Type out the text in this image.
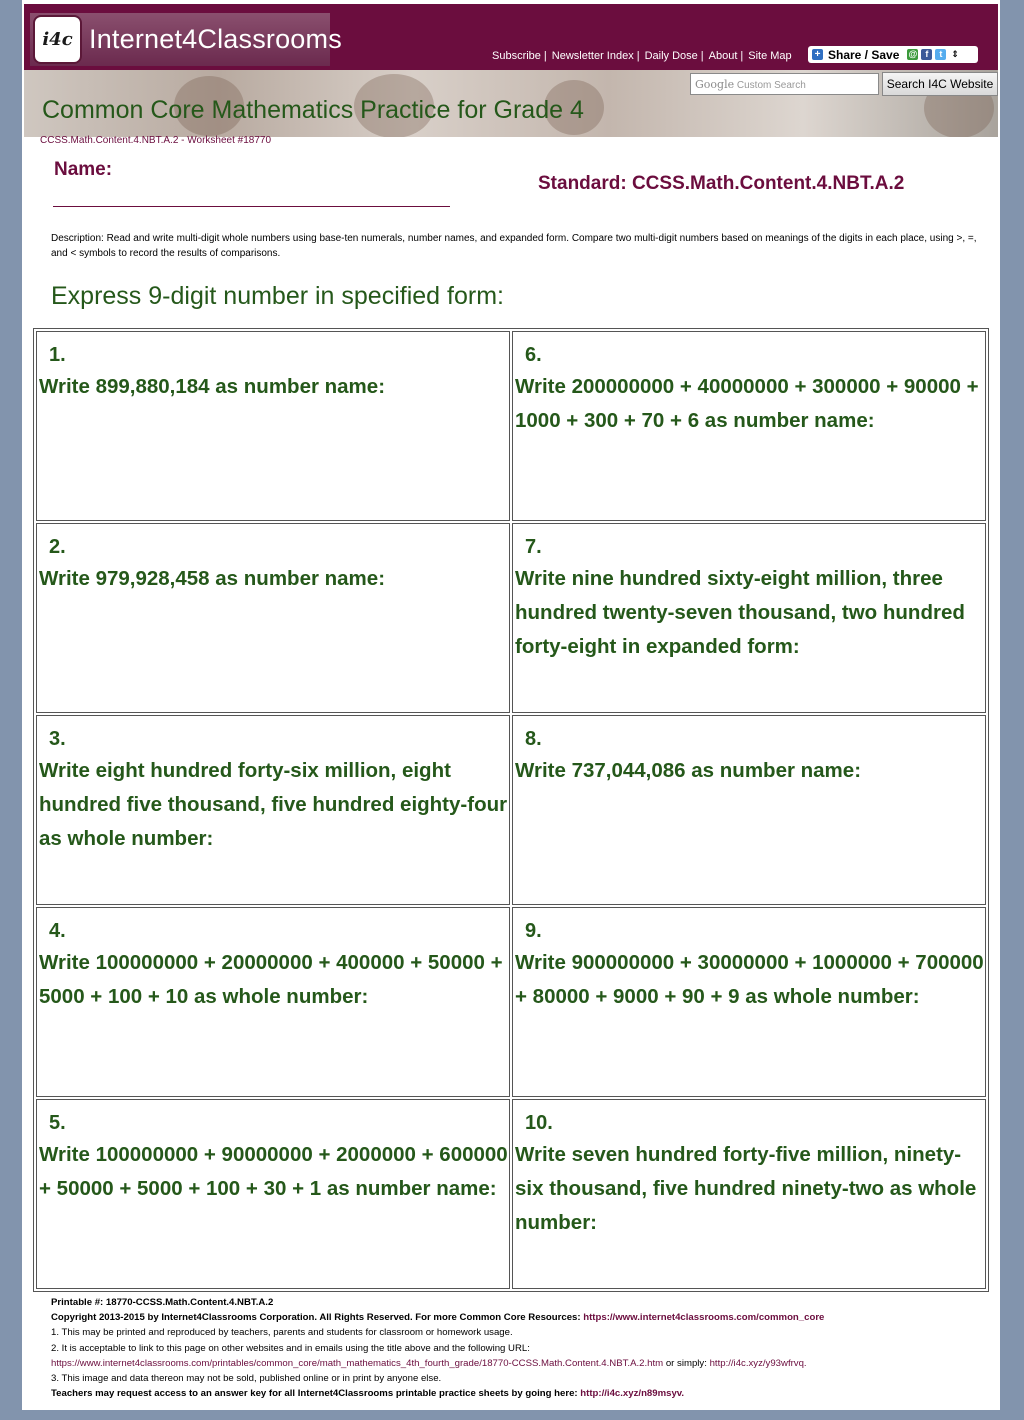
i4c Internet4Classrooms
Subscribe | Newsletter Index | Daily Dose | About | Site Map + Share / Save @ f	t	⇕
Google Custom Search	Search I4C Website
Common Core Mathematics Practice for Grade 4
CCSS.Math.Content.4.NBT.A.2 - Worksheet #18770
Name:
Standard: CCSS.Math.Content.4.NBT.A.2
Description: Read and write multi-digit whole numbers using base-ten numerals, number names, and expanded form. Compare two multi-digit numbers based on meanings of the digits in each place, using >, =, and < symbols to record the results of comparisons.
Express 9-digit number in specified form:
1.
Write 899,880,184 as number name:
6.
Write 200000000 + 40000000 + 300000 + 90000 + 1000 + 300 + 70 + 6 as number name:
2.
Write 979,928,458 as number name:
7.
Write nine hundred sixty-eight million, three hundred twenty-seven thousand, two hundred forty-eight in expanded form:
3.
Write eight hundred forty-six million, eight hundred five thousand, five hundred eighty-four as whole number:
8.
Write 737,044,086 as number name:
4.
Write 100000000 + 20000000 + 400000 + 50000 + 5000 + 100 + 10 as whole number:
9.
Write 900000000 + 30000000 + 1000000 + 700000 + 80000 + 9000 + 90 + 9 as whole number:
5.
Write 100000000 + 90000000 + 2000000 + 600000 + 50000 + 5000 + 100 + 30 + 1 as number name:
10.
Write seven hundred forty-five million, ninety-six thousand, five hundred ninety-two as whole number:
Printable #: 18770-CCSS.Math.Content.4.NBT.A.2
Copyright 2013-2015 by Internet4Classrooms Corporation. All Rights Reserved. For more Common Core Resources: https://www.internet4classrooms.com/common_core
1. This may be printed and reproduced by teachers, parents and students for classroom or homework usage.
2. It is acceptable to link to this page on other websites and in emails using the title above and the following URL:
https://www.internet4classrooms.com/printables/common_core/math_mathematics_4th_fourth_grade/18770-CCSS.Math.Content.4.NBT.A.2.htm or simply: http://i4c.xyz/y93wfrvq.
3. This image and data thereon may not be sold, published online or in print by anyone else.
Teachers may request access to an answer key for all Internet4Classrooms printable practice sheets by going here: http://i4c.xyz/n89msyv.
